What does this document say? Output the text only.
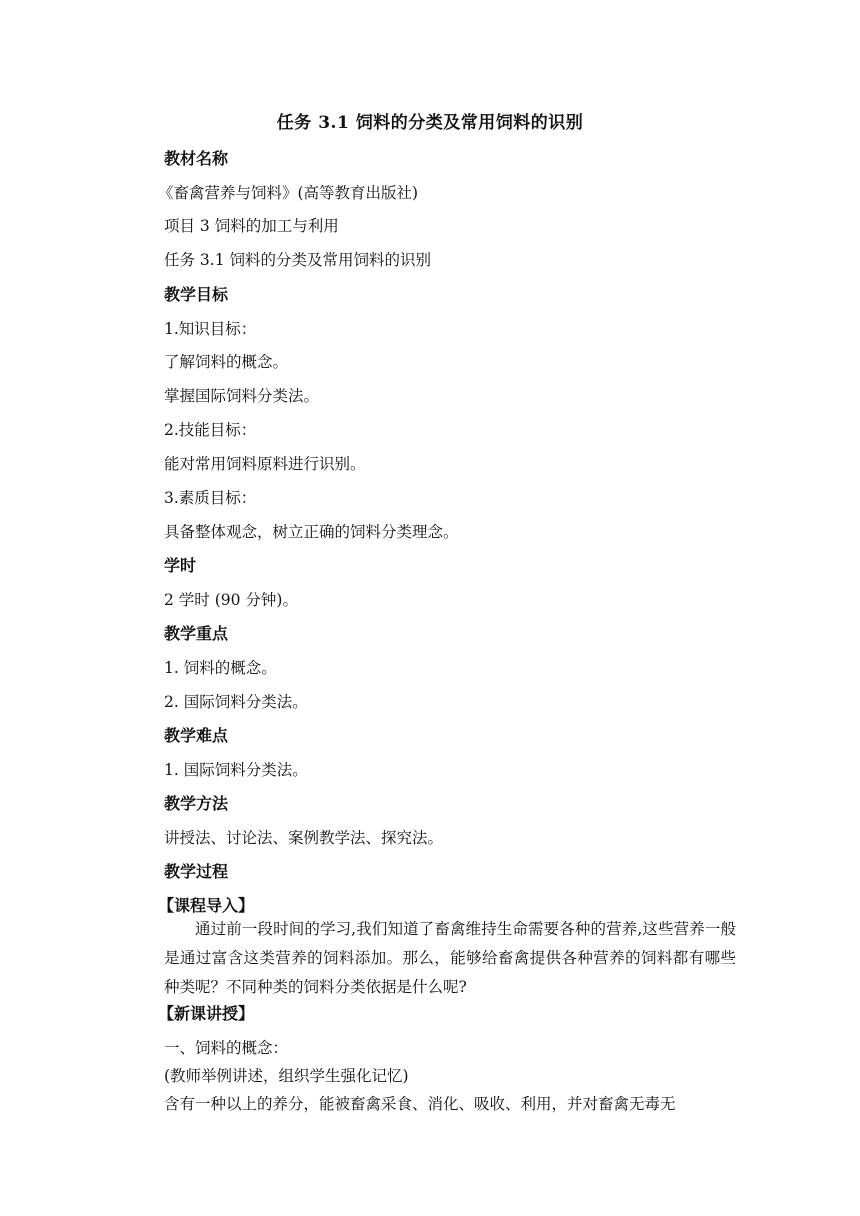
任务 3.1 饲料的分类及常用饲料的识别
教材名称
《畜禽营养与饲料》(高等教育出版社)
项目 3 饲料的加工与利用
任务 3.1 饲料的分类及常用饲料的识别
教学目标
1.知识目标：
了解饲料的概念。
掌握国际饲料分类法。
2.技能目标：
能对常用饲料原料进行识别。
3.素质目标：
具备整体观念，树立正确的饲料分类理念。
学时
2 学时 (90 分钟)。
教学重点
1. 饲料的概念。
2. 国际饲料分类法。
教学难点
1. 国际饲料分类法。
教学方法
讲授法、讨论法、案例教学法、探究法。
教学过程
【课程导入】
通过前一段时间的学习,我们知道了畜禽维持生命需要各种的营养,这些营养一般是通过富含这类营养的饲料添加。那么，能够给畜禽提供各种营养的饲料都有哪些种类呢？不同种类的饲料分类依据是什么呢?
【新课讲授】
一、饲料的概念：
(教师举例讲述，组织学生强化记忆)
含有一种以上的养分，能被畜禽采食、消化、吸收、利用，并对畜禽无毒无
